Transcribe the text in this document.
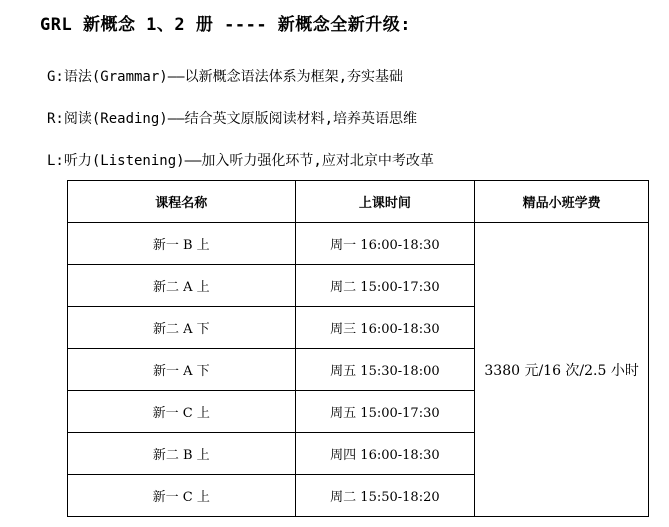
GRL 新概念 1、2 册 ---- 新概念全新升级:
G:语法(Grammar)——以新概念语法体系为框架,夯实基础
R:阅读(Reading)——结合英文原版阅读材料,培养英语思维
L:听力(Listening)——加入听力强化环节,应对北京中考改革
课程名称	上课时间	精品小班学费
新一 B 上	周一 16:00-18:30	3380 元/16 次/2.5 小时
新二 A 上	周二 15:00-17:30	
新二 A 下	周三 16:00-18:30	
新一 A 下	周五 15:30-18:00	
新一 C 上	周五 15:00-17:30	
新二 B 上	周四 16:00-18:30	
新一 C 上	周二 15:50-18:20	
